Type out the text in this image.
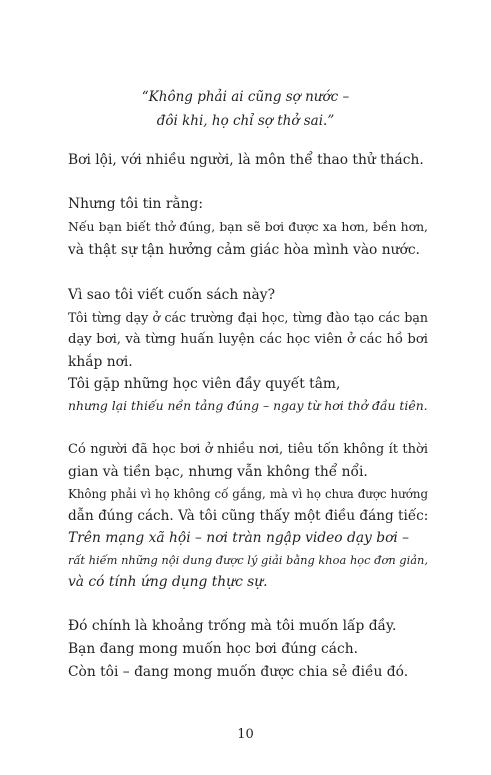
“Không phải ai cũng sợ nước –
đôi khi, họ chỉ sợ thở sai.”
Bơi lội, với nhiều người, là môn thể thao thử thách.
Nhưng tôi tin rằng:
Nếu bạn biết thở đúng, bạn sẽ bơi được xa hơn, bền hơn,
và thật sự tận hưởng cảm giác hòa mình vào nước.
Vì sao tôi viết cuốn sách này?
Tôi từng dạy ở các trường đại học, từng đào tạo các bạn
dạy bơi, và từng huấn luyện các học viên ở các hồ bơi
khắp nơi.
Tôi gặp những học viên đầy quyết tâm,
nhưng lại thiếu nền tảng đúng – ngay từ hơi thở đầu tiên.
Có người đã học bơi ở nhiều nơi, tiêu tốn không ít thời
gian và tiền bạc, nhưng vẫn không thể nổi.
Không phải vì họ không cố gắng, mà vì họ chưa được hướng
dẫn đúng cách. Và tôi cũng thấy một điều đáng tiếc:
Trên mạng xã hội – nơi tràn ngập video dạy bơi –
rất hiếm những nội dung được lý giải bằng khoa học đơn giản,
và có tính ứng dụng thực sự.
Đó chính là khoảng trống mà tôi muốn lấp đầy.
Bạn đang mong muốn học bơi đúng cách.
Còn tôi – đang mong muốn được chia sẻ điều đó.
10
